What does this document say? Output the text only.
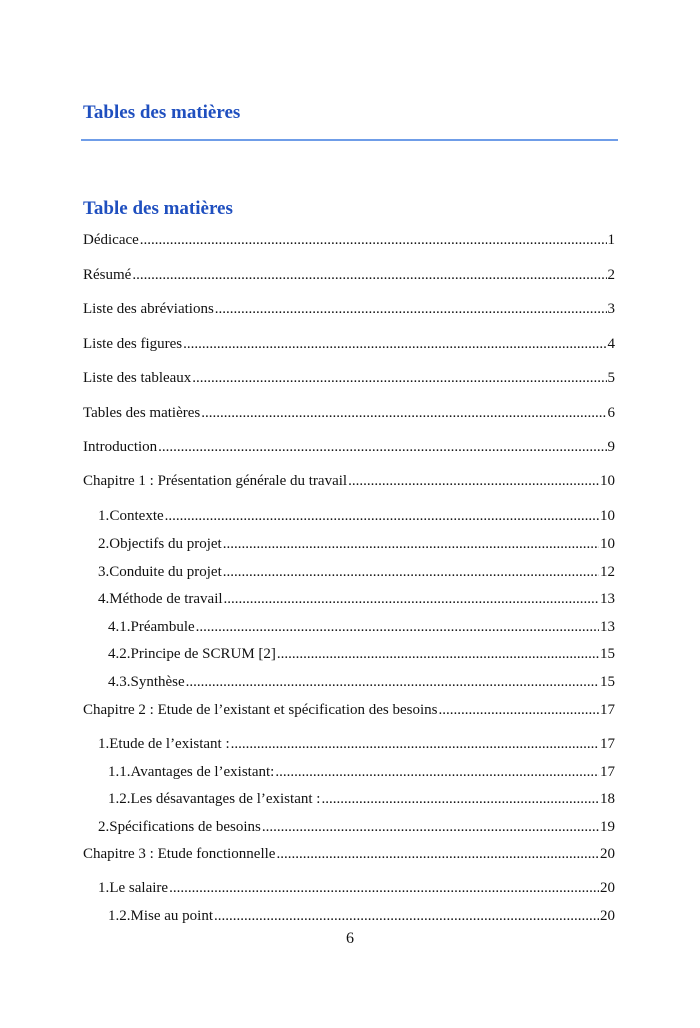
Tables des matières
Table des matières
Dédicace .....	1
Résumé .....	2
Liste des abréviations .....	3
Liste des figures .....	4
Liste des tableaux .....	5
Tables des matières .....	6
Introduction .....	9
Chapitre 1 : Présentation générale du travail .....	10
1. Contexte .....	10
2. Objectifs du projet .....	10
3. Conduite du projet .....	12
4. Méthode de travail .....	13
4.1. Préambule .....	13
4.2. Principe de SCRUM [2] .....	15
4.3. Synthèse .....	15
Chapitre 2 : Etude de l’existant et spécification des besoins .....	17
1. Etude de l’existant : .....	17
1.1. Avantages de l’existant: .....	17
1.2. Les désavantages de l’existant : .....	18
2. Spécifications de besoins .....	19
Chapitre 3 : Etude fonctionnelle .....	20
1. Le salaire .....	20
1.2. Mise au point .....	20
6
